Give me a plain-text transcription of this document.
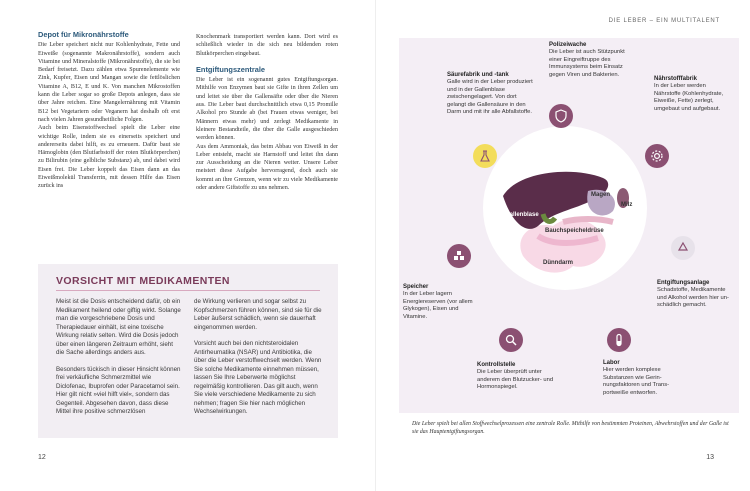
Depot für Mikronährstoffe
Die Leber speichert nicht nur Kohlenhydrate, Fette und Eiweiße (sogenannte Makronährstoffe), sondern auch Vitamine und Mineralstoffe (Mikronährstoffe), die sie bei Bedarf freisetzt. Dazu zählen etwa Spurenelemente wie Zink, Kupfer, Eisen und Mangan sowie die fettlöslichen Vitamine A, B12, E und K. Von manchen Mikrostoffen kann die Leber sogar so große Depots anlegen, dass sie über Jahre reichen. Eine Mangelernährung mit Vitamin B12 bei Vegetariern oder Veganern hat deshalb oft erst nach vielen Jahren gesundheitliche Folgen.
Auch beim Eisenstoffwechsel spielt die Leber eine wichtige Rolle, indem sie es einerseits speichert und andererseits dabei hilft, es zu erneuern. Dafür baut sie Hämoglobin (den Blutfarbstoff der roten Blutkörperchen) zu Bilirubin (eine gelbliche Substanz) ab, und dabei wird Eisen frei. Die Leber koppelt das Eisen dann an das Eiweißmolekül Transferrin, mit dessen Hilfe das Eisen zurück ins
Knochenmark transportiert werden kann. Dort wird es schließlich wieder in die sich neu bildenden roten Blutkörperchen eingebaut.
Entgiftungszentrale
Die Leber ist ein sogenannt gutes Entgiftungsorgan. Mithilfe von Enzymen baut sie Gifte in ihren Zellen um und leitet sie über die Gallensäfte oder über die Nieren aus. Die Leber baut durchschnittlich etwa 0,15 Promille Alkohol pro Stunde ab (bei Frauen etwas weniger, bei Männern etwas mehr) und zerlegt Medikamente in kleinere Bestandteile, die über die Galle ausgeschieden werden können.
Aus dem Ammoniak, das beim Abbau von Eiweiß in der Leber entsteht, macht sie Harnstoff und leitet ihn dann zur Ausscheidung an die Nieren weiter. Unsere Leber meistert diese Aufgabe hervorragend, doch auch sie kommt an ihre Grenzen, wenn wir zu viele Medikamente oder andere Giftstoffe zu uns nehmen.
VORSICHT MIT MEDIKAMENTEN
Meist ist die Dosis entscheidend dafür, ob ein Medikament heilend oder giftig wirkt. Solange man die vorgeschriebene Dosis und Therapiedauer einhält, ist eine toxische Wirkung relativ selten. Wird die Dosis jedoch über einen längeren Zeitraum erhöht, sieht die Sache allerdings anders aus.
Besonders tückisch in dieser Hinsicht können frei verkäufliche Schmerzmittel wie Diclofenac, Ibuprofen oder Paracetamol sein. Hier gilt nicht »viel hilft viel«, sondern das Gegenteil. Abgesehen davon, dass diese Mittel ihre positive schmerzlösen
de Wirkung verlieren und sogar selbst zu Kopfschmerzen führen können, sind sie für die Leber äußerst schädlich, wenn sie dauerhaft eingenommen werden.
Vorsicht auch bei den nichtsteroidalen Antirheumatika (NSAR) und Antibiotika, die über die Leber verstoffwechselt werden. Wenn Sie solche Medikamente einnehmen müssen, lassen Sie Ihre Leberwerte möglichst regelmäßig kontrollieren. Das gilt auch, wenn Sie viele verschiedene Medikamente zu sich nehmen; fragen Sie hier nach möglichen Wechselwirkungen.
12
DIE LEBER – EIN MULTITALENT
Leber
Gallenblase
Magen
Milz
Bauchspeicheldrüse
Dünndarm
Polizeiwache
Die Leber ist auch Stützpunkt einer Eingreiftruppe des Immunsystems beim Einsatz gegen Viren und Bakterien.
Säurefabrik und -tank
Galle wird in der Leber produziert und in der Gallenblase zwischengelagert. Von dort gelangt die Gallensäure in den Darm und mit ihr alle Abfallstoffe.
Nährstofffabrik
In der Leber werden Nährstoffe (Kohlenhydrate, Eiweiße, Fette) zerlegt, umgebaut und aufgebaut.
Entgiftungsanlage
Schadstoffe, Medikamente und Alkohol werden hier unschädlich gemacht.
Speicher
In der Leber lagern Energiereserven (vor allem Glykogen), Eisen und Vitamine.
Labor
Hier werden komplexe Substanzen wie Gerinnungsfaktoren und Transportweiße entworfen.
Kontrollstelle
Die Leber überprüft unter anderem den Blutzucker- und Hormonspiegel.
Die Leber spielt bei allen Stoffwechselprozessen eine zentrale Rolle. Mithilfe von bestimmten Proteinen, Abwehrstoffen und der Galle ist sie das Hauptentgiftungsorgan.
13
